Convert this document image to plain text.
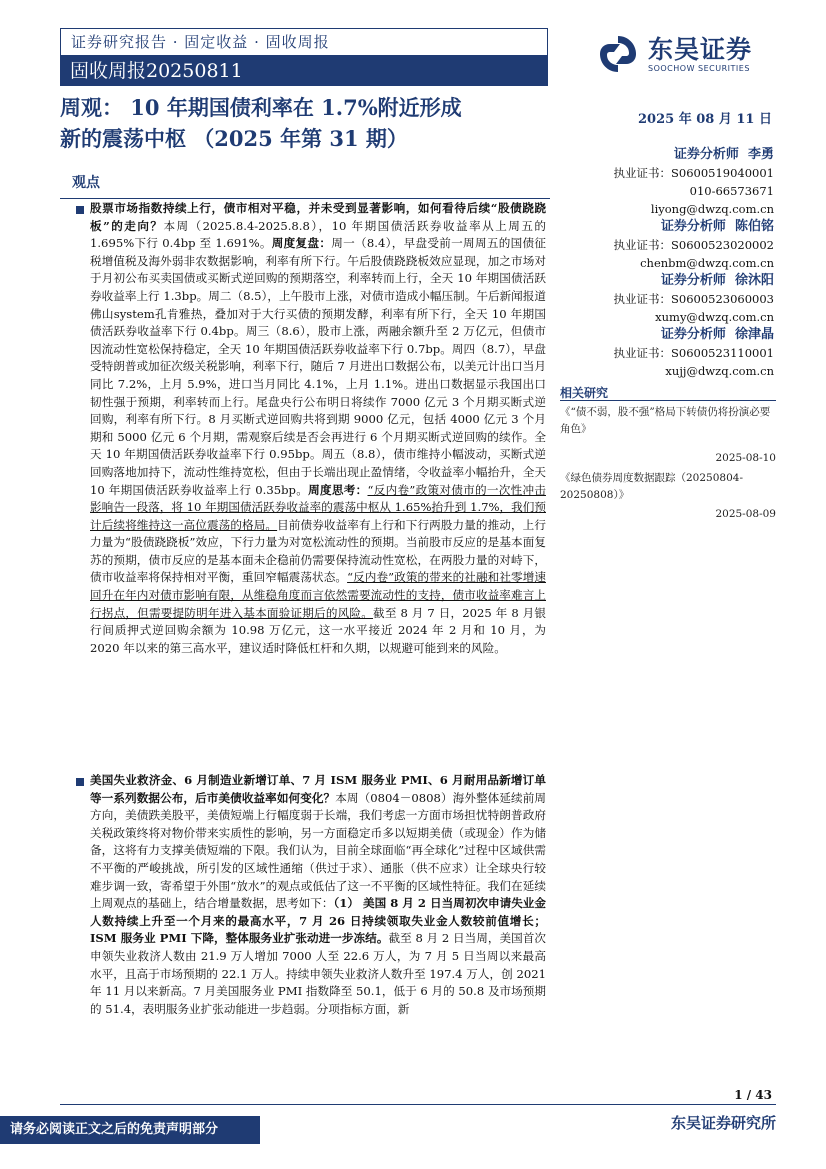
证券研究报告 · 固定收益 · 固收周报
固收周报20250811
东吴证券
SOOCHOW SECURITIES
周观： 10 年期国债利率在 1.7%附近形成
新的震荡中枢 （2025 年第 31 期）
2025 年 08 月 11 日
观点
股票市场指数持续上行，债市相对平稳，并未受到显著影响，如何看待后续“股债跷跷板”的走向？本周（2025.8.4-2025.8.8），10 年期国债活跃券收益率从上周五的 1.695%下行 0.4bp 至 1.691%。周度复盘：周一（8.4），早盘受前一周周五的国债征税增值税及海外弱非农数据影响，利率有所下行。午后股债跷跷板效应显现，加之市场对于月初公布买卖国债或买断式逆回购的预期落空，利率转而上行，全天 10 年期国债活跃券收益率上行 1.3bp。周二（8.5），上午股市上涨，对债市造成小幅压制。午后新闻报道佛山system孔肯雅热，叠加对于大行买债的预期发酵，利率有所下行，全天 10 年期国债活跃券收益率下行 0.4bp。周三（8.6），股市上涨，两融余额升至 2 万亿元，但债市因流动性宽松保持稳定，全天 10 年期国债活跃券收益率下行 0.7bp。周四（8.7），早盘受特朗普或加征次级关税影响，利率下行，随后 7 月进出口数据公布，以美元计出口当月同比 7.2%，上月 5.9%，进口当月同比 4.1%，上月 1.1%。进出口数据显示我国出口韧性强于预期，利率转而上行。尾盘央行公布明日将续作 7000 亿元 3 个月期买断式逆回购，利率有所下行。8 月买断式逆回购共将到期 9000 亿元，包括 4000 亿元 3 个月期和 5000 亿元 6 个月期，需观察后续是否会再进行 6 个月期买断式逆回购的续作。全天 10 年期国债活跃券收益率下行 0.95bp。周五（8.8），债市维持小幅波动，买断式逆回购落地加持下，流动性维持宽松，但由于长端出现止盈情绪，令收益率小幅抬升，全天 10 年期国债活跃券收益率上行 0.35bp。周度思考：“反内卷”政策对债市的一次性冲击影响告一段落，将 10 年期国债活跃券收益率的震荡中枢从 1.65%抬升到 1.7%，我们预计后续将维持这一高位震荡的格局。目前债券收益率有上行和下行两股力量的推动，上行力量为“股债跷跷板”效应，下行力量为对宽松流动性的预期。当前股市反应的是基本面复苏的预期，债市反应的是基本面未企稳前仍需要保持流动性宽松，在两股力量的对峙下，债市收益率将保持相对平衡，重回窄幅震荡状态。“反内卷”政策的带来的社融和社零增速回升在年内对债市影响有限，从维稳角度而言依然需要流动性的支持，债市收益率难言上行拐点，但需要提防明年进入基本面验证期后的风险。截至 8 月 7 日，2025 年 8 月银行间质押式逆回购余额为 10.98 万亿元，这一水平接近 2024 年 2 月和 10 月，为 2020 年以来的第三高水平，建议适时降低杠杆和久期，以规避可能到来的风险。
美国失业救济金、6 月制造业新增订单、7 月 ISM 服务业 PMI、6 月耐用品新增订单等一系列数据公布，后市美债收益率如何变化？本周（0804－0808）海外整体延续前周方向，美债跌美股平，美债短端上行幅度弱于长端，我们考虑一方面市场担忧特朗普政府关税政策终将对物价带来实质性的影响，另一方面稳定币多以短期美债（或现金）作为储备，这将有力支撑美债短端的下限。我们认为，目前全球面临“再全球化”过程中区域供需不平衡的严峻挑战，所引发的区域性通缩（供过于求）、通胀（供不应求）让全球央行较难步调一致，寄希望于外围“放水”的观点或低估了这一不平衡的区域性特征。我们在延续上周观点的基础上，结合增量数据，思考如下：（1） 美国 8 月 2 日当周初次申请失业金人数持续上升至一个月来的最高水平，7 月 26 日持续领取失业金人数较前值增长；ISM 服务业 PMI 下降，整体服务业扩张动进一步冻结。截至 8 月 2 日当周，美国首次申领失业救济人数由 21.9 万人增加 7000 人至 22.6 万人，为 7 月 5 日当周以来最高水平，且高于市场预期的 22.1 万人。持续申领失业救济人数升至 197.4 万人，创 2021 年 11 月以来新高。7 月美国服务业 PMI 指数降至 50.1，低于 6 月的 50.8 及市场预期的 51.4，表明服务业扩张动能进一步趋弱。分项指标方面，新
证券分析师 李勇
执业证书：S0600519040001
010-66573671
liyong@dwzq.com.cn
证券分析师 陈伯铭
执业证书：S0600523020002
chenbm@dwzq.com.cn
证券分析师 徐沐阳
执业证书：S0600523060003
xumy@dwzq.com.cn
证券分析师 徐津晶
执业证书：S0600523110001
xujj@dwzq.com.cn
相关研究
《“债不弱，股不强”格局下转债仍将扮演必要角色》
2025-08-10
《绿色债券周度数据跟踪（20250804-20250808）》
2025-08-09
1 / 43
请务必阅读正文之后的免责声明部分	东吴证券研究所
